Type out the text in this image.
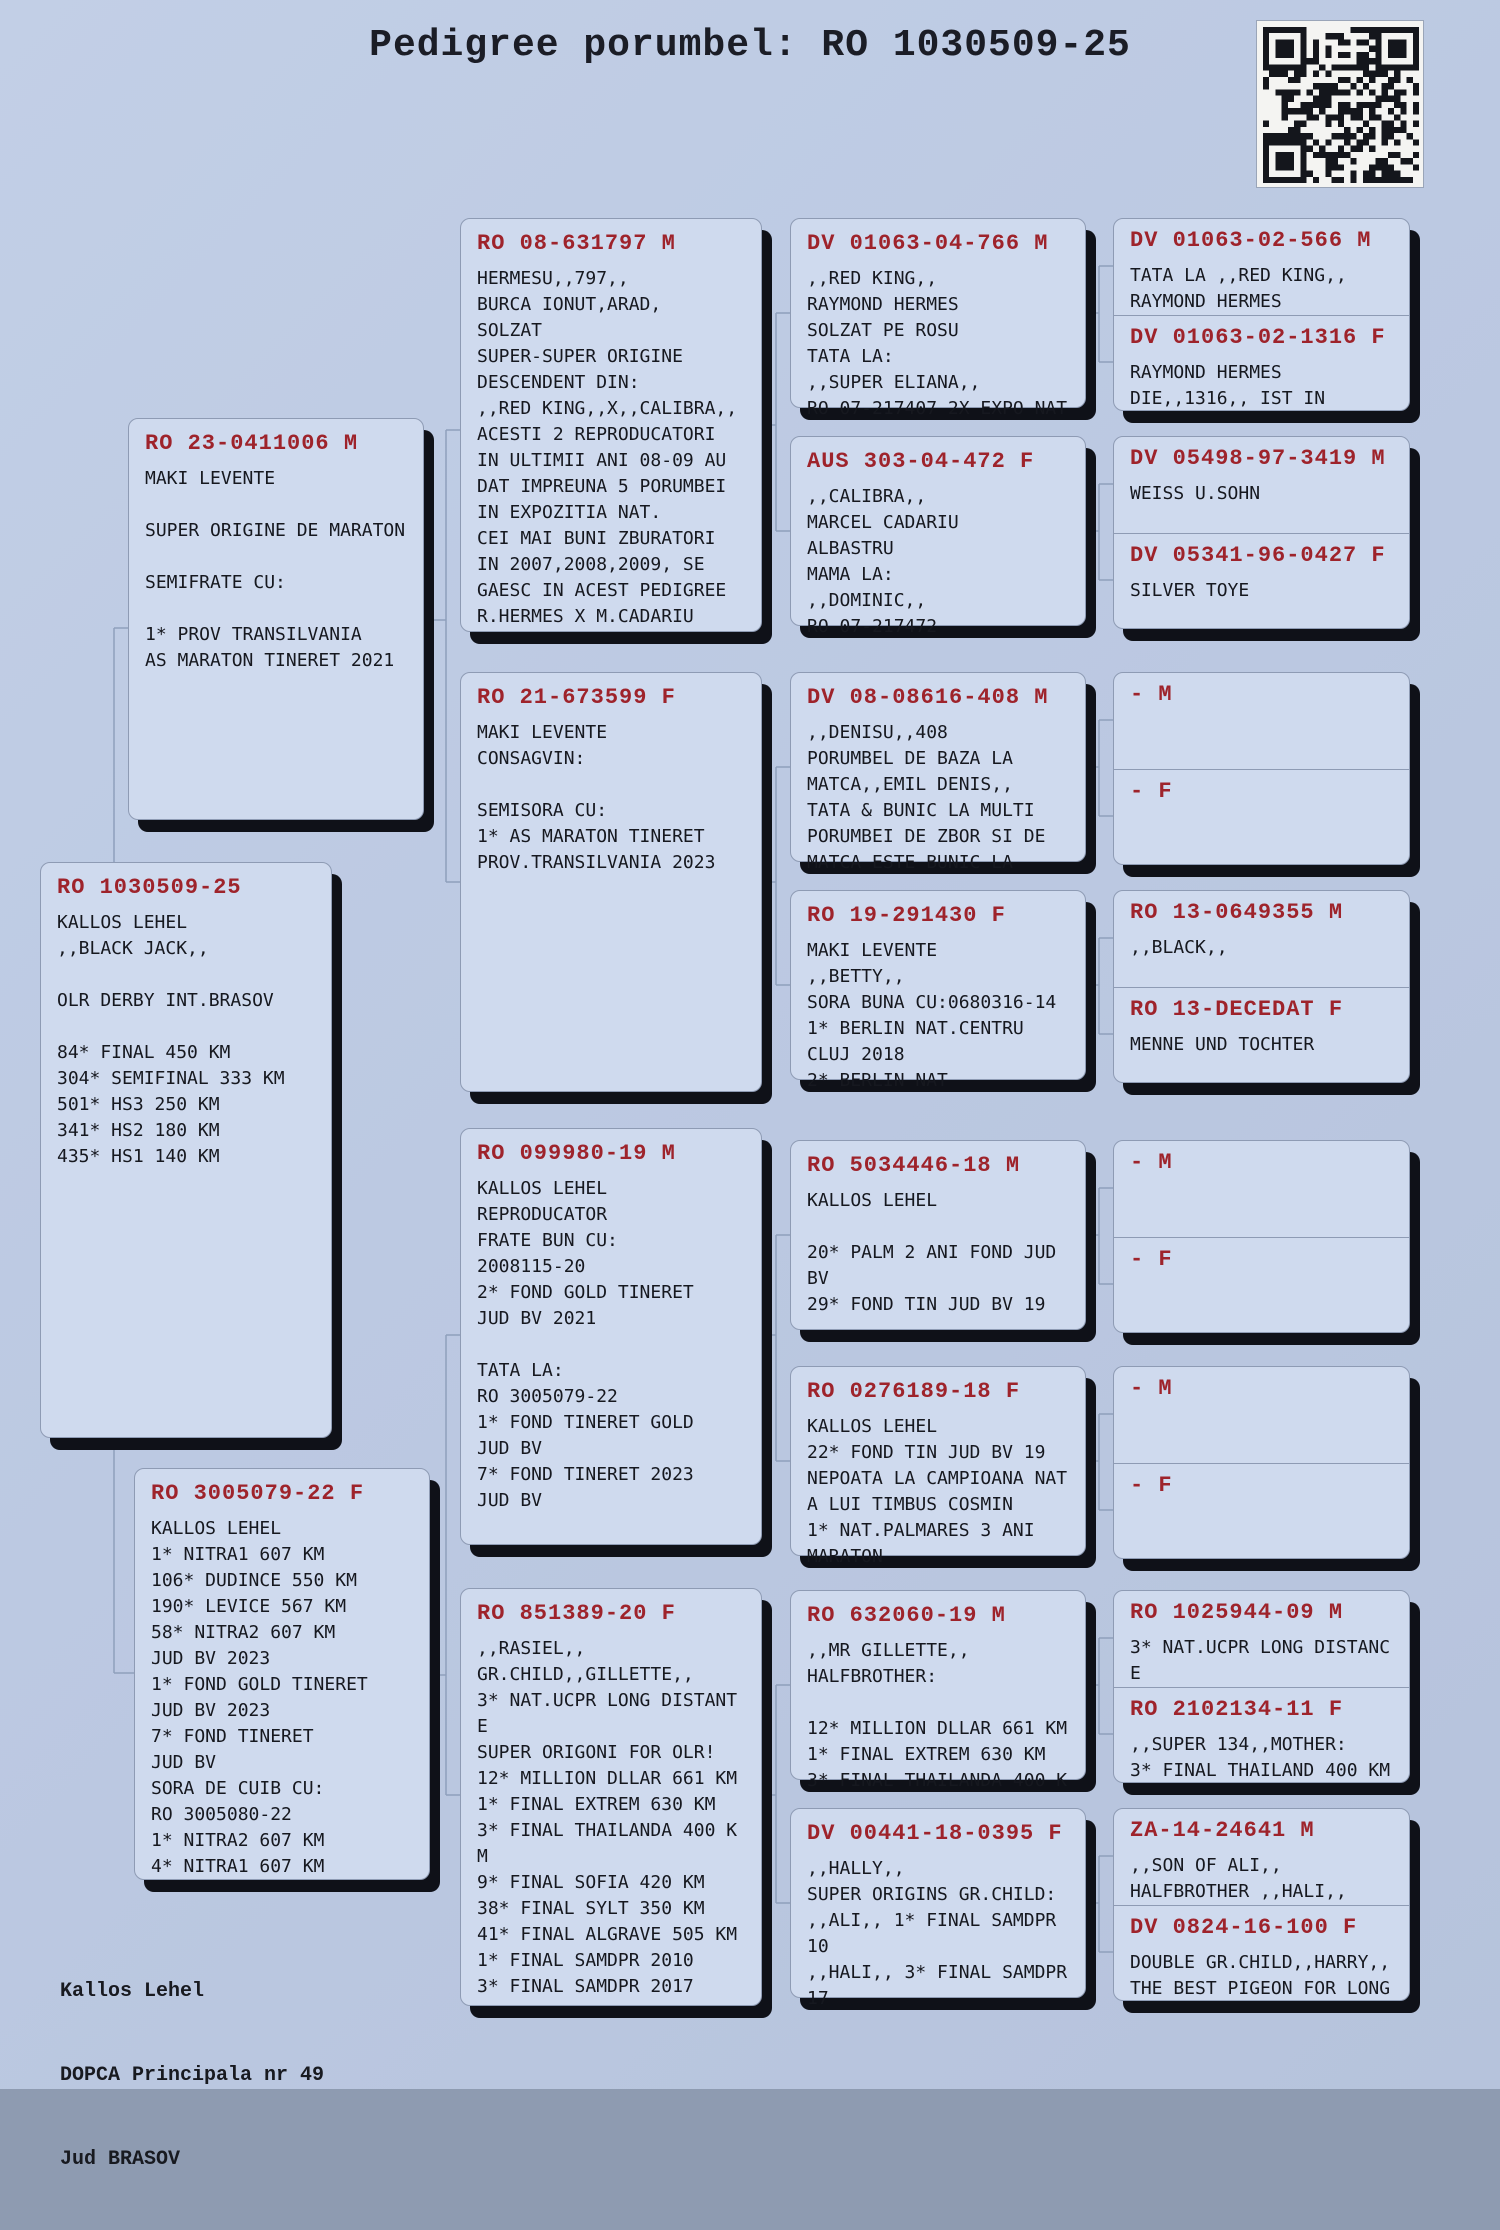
Pedigree porumbel: RO 1030509-25
RO 23-0411006 M
MAKI LEVENTE

SUPER ORIGINE DE MARATON

SEMIFRATE CU:

1* PROV TRANSILVANIA
AS MARATON TINERET 2021
RO 1030509-25
KALLOS LEHEL
,,BLACK JACK,,

OLR DERBY INT.BRASOV

84* FINAL 450 KM
304* SEMIFINAL 333 KM
501* HS3 250 KM
341* HS2 180 KM
435* HS1 140 KM
RO 3005079-22 F
KALLOS LEHEL
1* NITRA1 607 KM
106* DUDINCE 550 KM
190* LEVICE 567 KM
58* NITRA2 607 KM
JUD BV 2023
1* FOND GOLD TINERET
JUD BV 2023
7* FOND TINERET
JUD BV
SORA DE CUIB CU:
RO 3005080-22
1* NITRA2 607 KM
4* NITRA1 607 KM
RO 08-631797 M
HERMESU,,797,,
BURCA IONUT,ARAD,
SOLZAT
SUPER-SUPER ORIGINE
DESCENDENT DIN:
,,RED KING,,X,,CALIBRA,,
ACESTI 2 REPRODUCATORI
IN ULTIMII ANI 08-09 AU
DAT IMPREUNA 5 PORUMBEI
IN EXPOZITIA NAT.
CEI MAI BUNI ZBURATORI
IN 2007,2008,2009, SE
GAESC IN ACEST PEDIGREE
R.HERMES X M.CADARIU
RO 21-673599 F
MAKI LEVENTE
CONSAGVIN:

SEMISORA CU:
1* AS MARATON TINERET
PROV.TRANSILVANIA 2023
RO 099980-19 M
KALLOS LEHEL
REPRODUCATOR
FRATE BUN CU:
2008115-20
2* FOND GOLD TINERET
JUD BV 2021

TATA LA:
RO 3005079-22
1* FOND TINERET GOLD
JUD BV
7* FOND TINERET 2023
JUD BV
RO 851389-20 F
,,RASIEL,,
GR.CHILD,,GILLETTE,,
3* NAT.UCPR LONG DISTANT
E
SUPER ORIGONI FOR OLR!
12* MILLION DLLAR 661 KM
1* FINAL EXTREM 630 KM
3* FINAL THAILANDA 400 K
M
9* FINAL SOFIA 420 KM
38* FINAL SYLT 350 KM
41* FINAL ALGRAVE 505 KM
1* FINAL SAMDPR 2010
3* FINAL SAMDPR 2017
DV 01063-04-766 M
,,RED KING,,
RAYMOND HERMES
SOLZAT PE ROSU
TATA LA:
,,SUPER ELIANA,,
RO 07-217407 2X EXPO NAT
AUS 303-04-472 F
,,CALIBRA,,
MARCEL CADARIU
ALBASTRU
MAMA LA:
,,DOMINIC,,
RO 07-217472
DV 08-08616-408 M
,,DENISU,,408
PORUMBEL DE BAZA LA
MATCA,,EMIL DENIS,,
TATA & BUNIC LA MULTI
PORUMBEI DE ZBOR SI DE
MATCA ESTE BUNIC LA
RO 19-291430 F
MAKI LEVENTE
,,BETTY,,
SORA BUNA CU:0680316-14
1* BERLIN NAT.CENTRU
CLUJ 2018
2* BERLIN NAT
RO 5034446-18 M
KALLOS LEHEL

20* PALM 2 ANI FOND JUD
BV
29* FOND TIN JUD BV 19
RO 0276189-18 F
KALLOS LEHEL
22* FOND TIN JUD BV 19
NEPOATA LA CAMPIOANA NAT
A LUI TIMBUS COSMIN
1* NAT.PALMARES 3 ANI
MARATON
RO 632060-19 M
,,MR GILLETTE,,
HALFBROTHER:

12* MILLION DLLAR 661 KM
1* FINAL EXTREM 630 KM
3* FINAL THAILANDA 400 K
DV 00441-18-0395 F
,,HALLY,,
SUPER ORIGINS GR.CHILD:
,,ALI,, 1* FINAL SAMDPR
10
,,HALI,, 3* FINAL SAMDPR
17
DV 01063-02-566 M
TATA LA ,,RED KING,,
RAYMOND HERMES
DV 01063-02-1316 F
RAYMOND HERMES
DIE,,1316,, IST IN
DV 05498-97-3419 M
WEISS U.SOHN
DV 05341-96-0427 F
SILVER TOYE
- M
- F
RO 13-0649355 M
,,BLACK,,
RO 13-DECEDAT F
MENNE UND TOCHTER
- M
- F
- M
- F
RO 1025944-09 M
3* NAT.UCPR LONG DISTANC
E
RO 2102134-11 F
,,SUPER 134,,MOTHER:
3* FINAL THAILAND 400 KM
ZA-14-24641 M
,,SON OF ALI,,
HALFBROTHER ,,HALI,,
DV 0824-16-100 F
DOUBLE GR.CHILD,,HARRY,,
THE BEST PIGEON FOR LONG

Kallos Lehel

DOPCA Principala nr 49

Jud BRASOV
